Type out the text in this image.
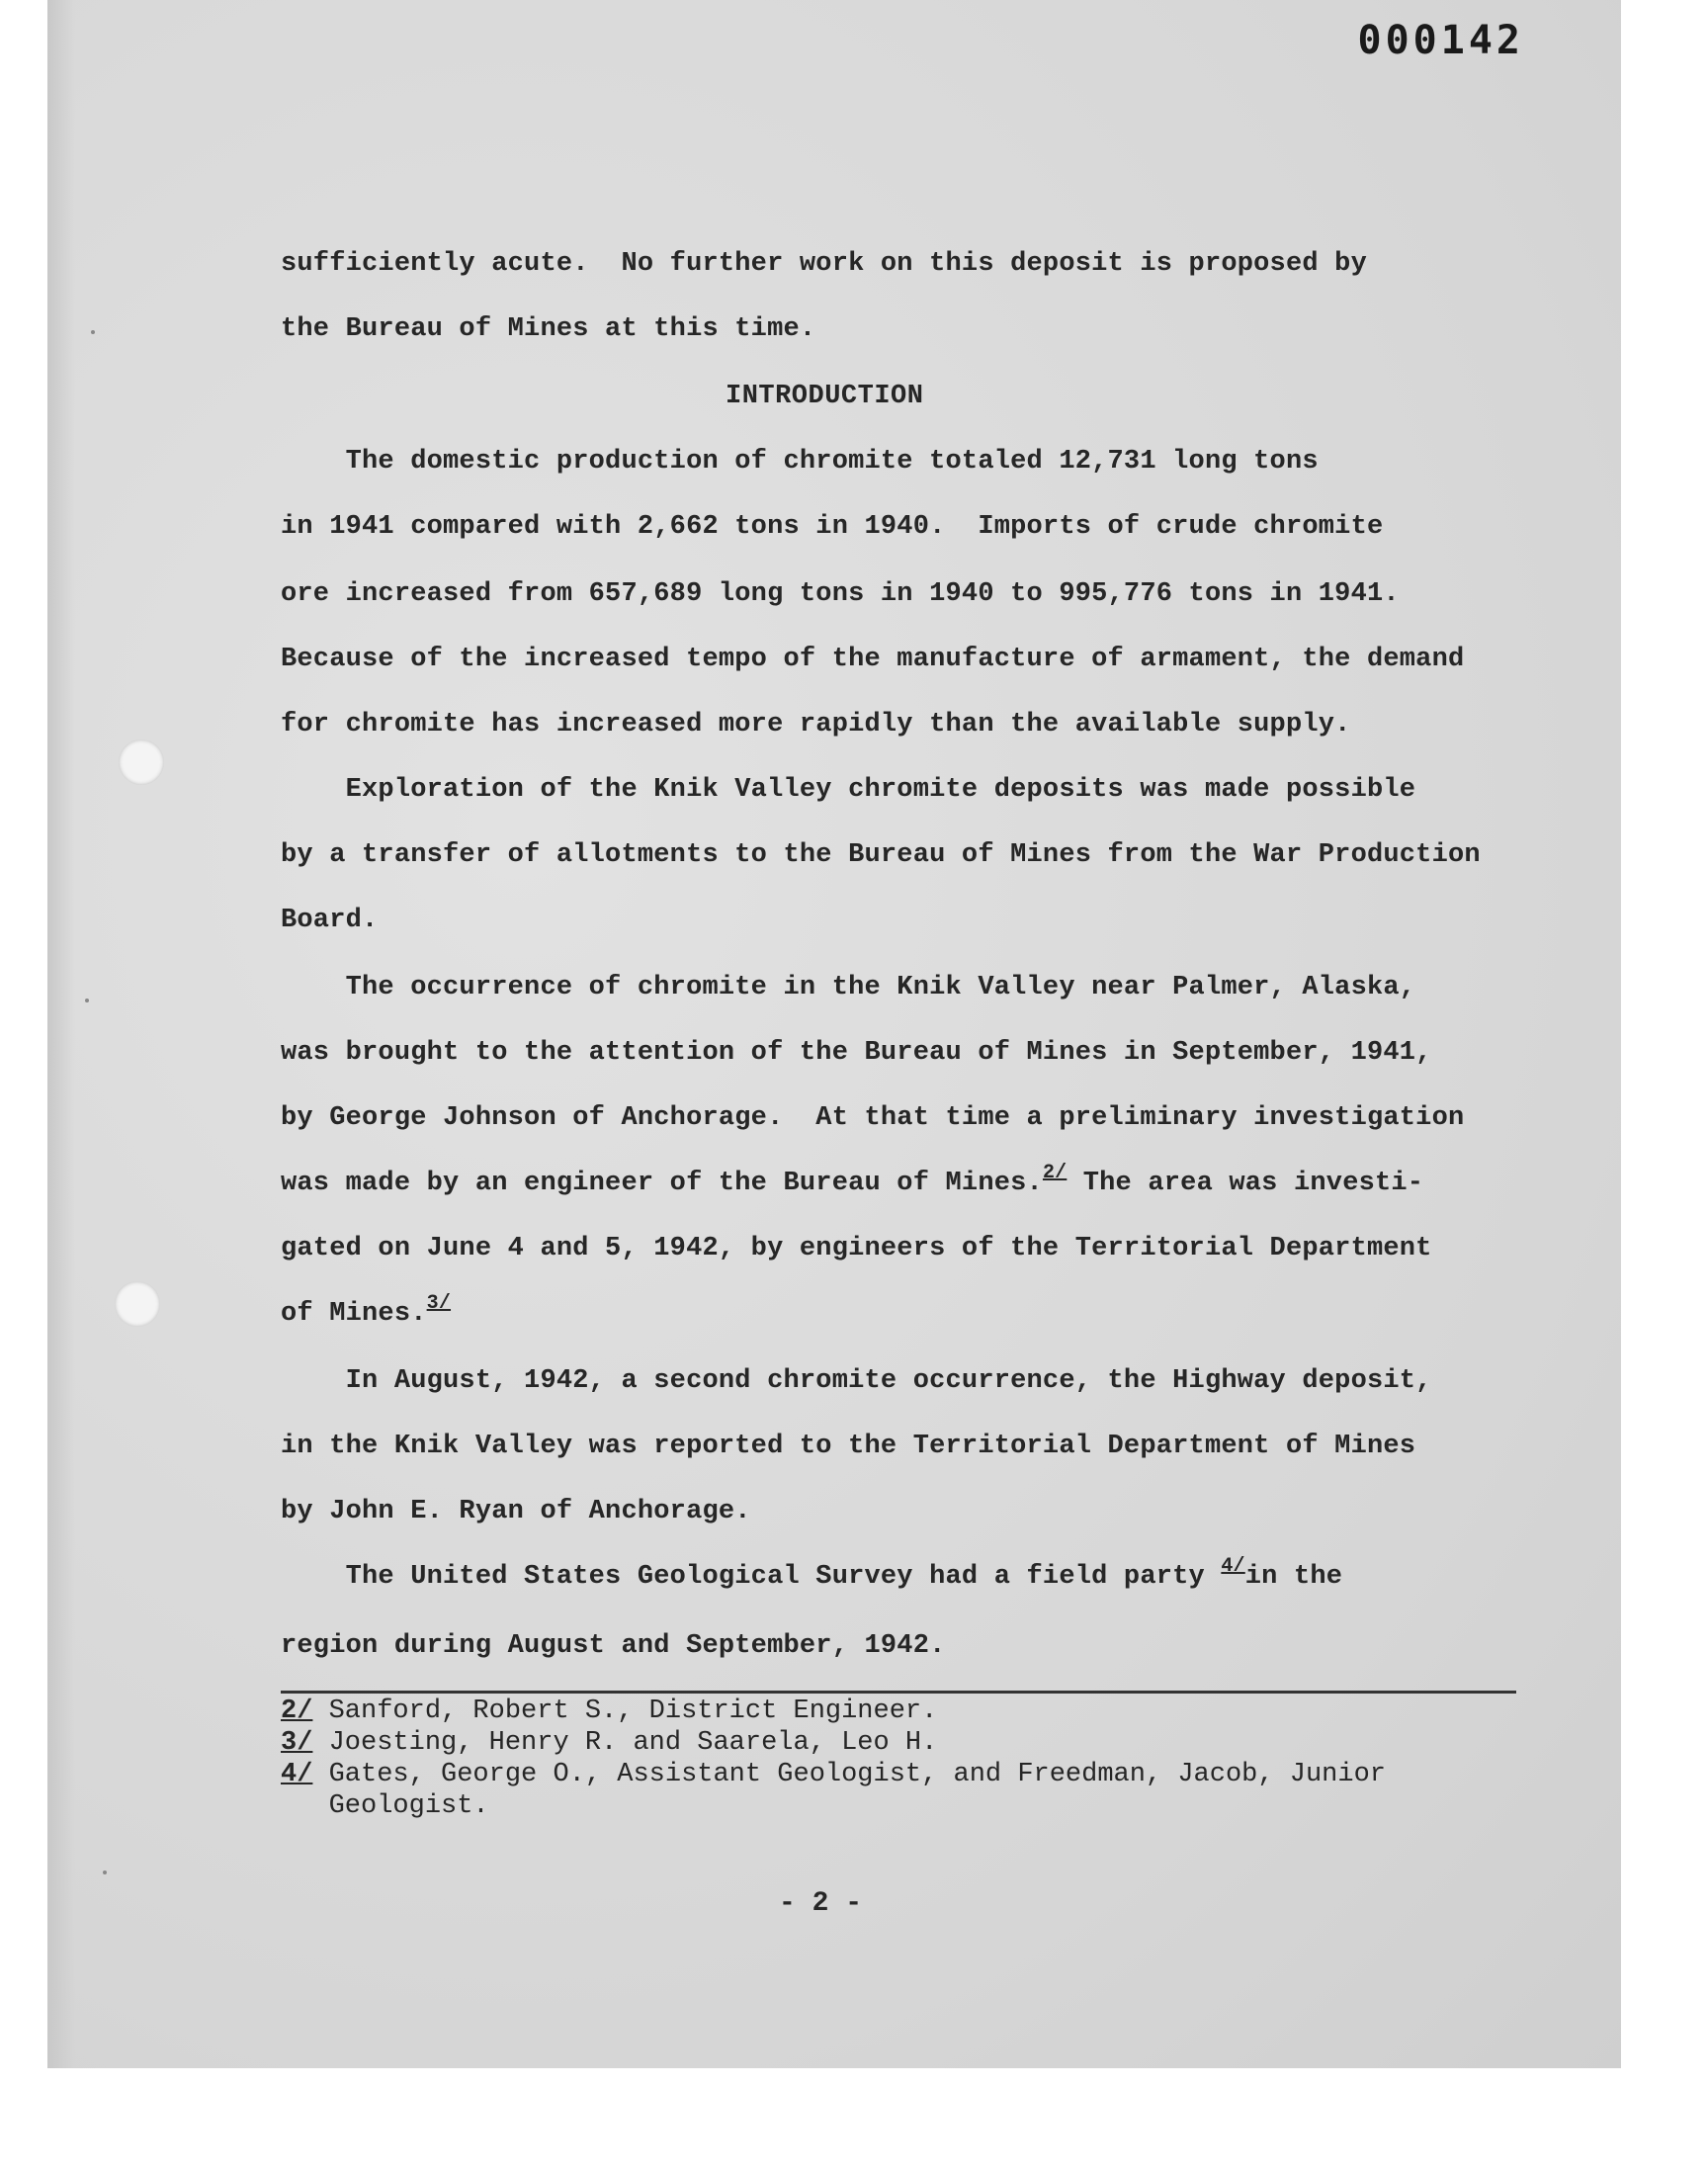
000142
sufficiently acute.  No further work on this deposit is proposed by
the Bureau of Mines at this time.
INTRODUCTION
The domestic production of chromite totaled 12,731 long tons
in 1941 compared with 2,662 tons in 1940.  Imports of crude chromite
ore increased from 657,689 long tons in 1940 to 995,776 tons in 1941.
Because of the increased tempo of the manufacture of armament, the demand
for chromite has increased more rapidly than the available supply.
Exploration of the Knik Valley chromite deposits was made possible
by a transfer of allotments to the Bureau of Mines from the War Production
Board.
The occurrence of chromite in the Knik Valley near Palmer, Alaska,
was brought to the attention of the Bureau of Mines in September, 1941,
by George Johnson of Anchorage.  At that time a preliminary investigation
was made by an engineer of the Bureau of Mines.$^{2/}$ The area was investi-
gated on June 4 and 5, 1942, by engineers of the Territorial Department
of Mines.$^{3/}$
In August, 1942, a second chromite occurrence, the Highway deposit,
in the Knik Valley was reported to the Territorial Department of Mines
by John E. Ryan of Anchorage.
The United States Geological Survey had a field party $^{4/}$in the
region during August and September, 1942.
2/ Sanford, Robert S., District Engineer.
3/ Joesting, Henry R. and Saarela, Leo H.
4/ Gates, George O., Assistant Geologist, and Freedman, Jacob, Junior
Geologist.
- 2 -
